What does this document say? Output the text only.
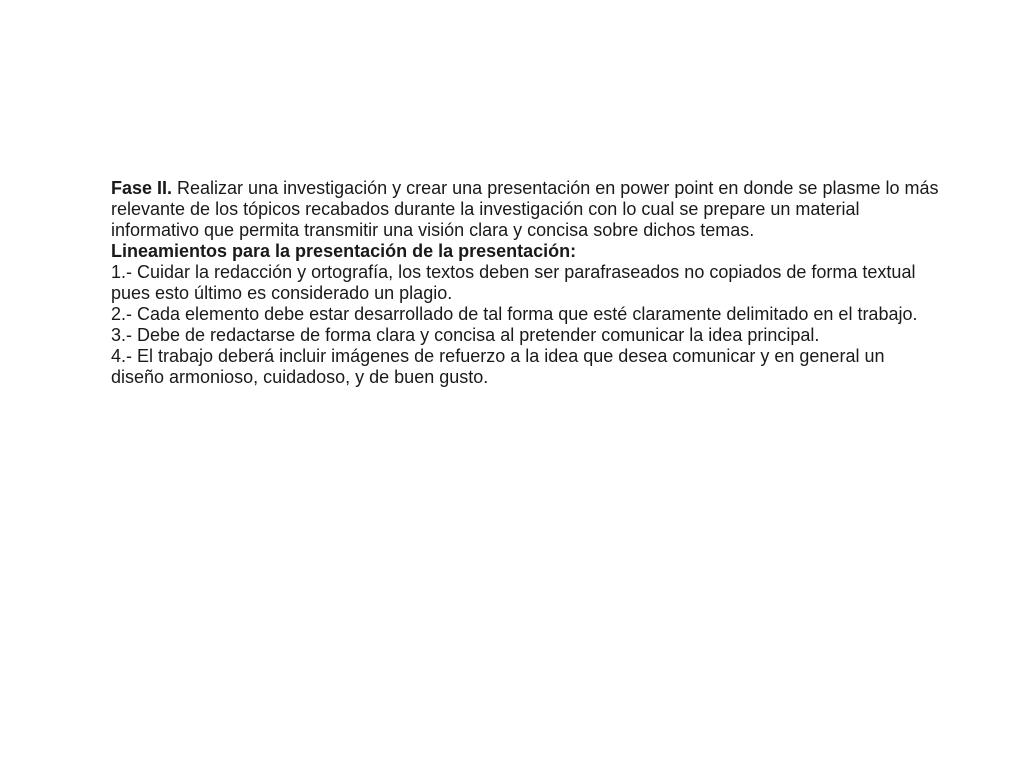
Fase II. Realizar una investigación y crear una presentación en power point en donde se plasme lo más relevante de los tópicos recabados durante la investigación con lo cual se prepare un material informativo que permita transmitir una visión clara y concisa sobre dichos temas.

Lineamientos para la presentación de la presentación:

1.- Cuidar la redacción y ortografía, los textos deben ser parafraseados no copiados de forma textual pues esto último es considerado un plagio.

2.- Cada elemento debe estar desarrollado de tal forma que esté claramente delimitado en el trabajo.

3.- Debe de redactarse de forma clara y concisa al pretender comunicar la idea principal.

4.- El trabajo deberá incluir imágenes de refuerzo a la idea que desea comunicar y en general un diseño armonioso, cuidadoso, y de buen gusto.
